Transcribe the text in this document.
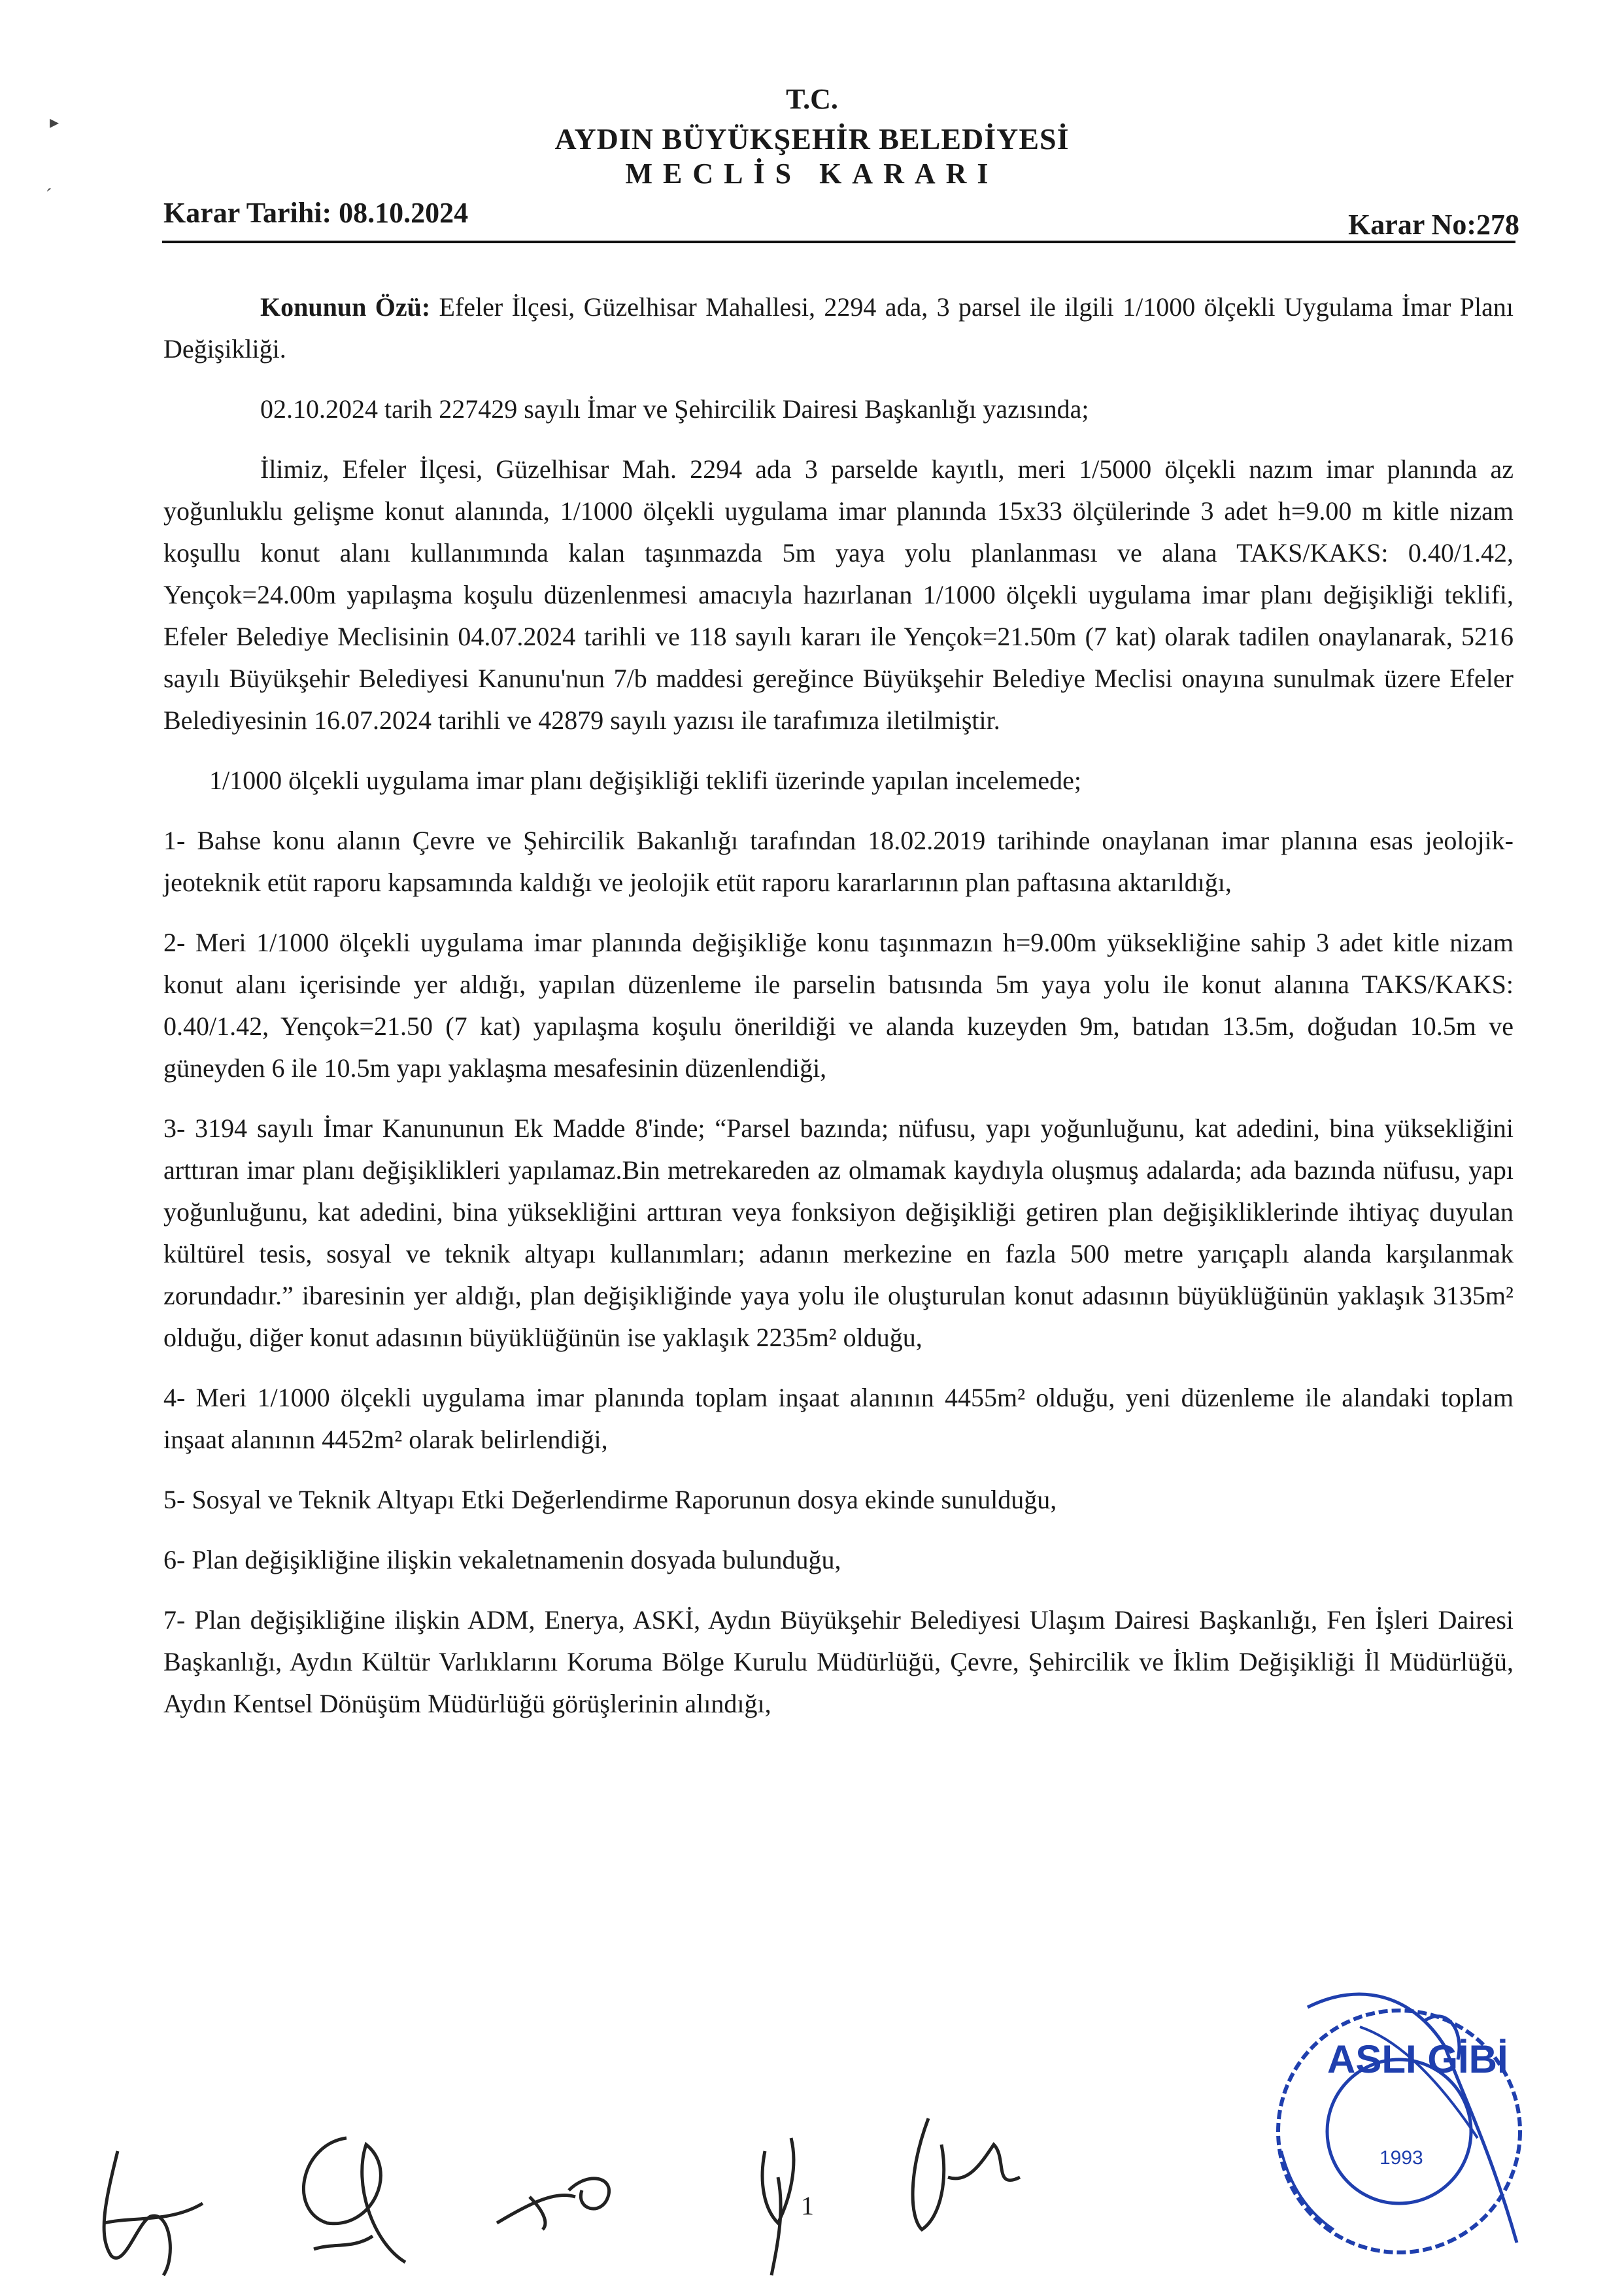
▸
ˊ
T.C.
AYDIN BÜYÜKŞEHİR BELEDİYESİ
MECLİS KARARI
Karar Tarihi: 08.10.2024	Karar No:278

Konunun Özü: Efeler İlçesi, Güzelhisar Mahallesi, 2294 ada, 3 parsel ile ilgili 1/1000 ölçekli Uygulama İmar Planı Değişikliği.

02.10.2024 tarih 227429 sayılı İmar ve Şehircilik Dairesi Başkanlığı yazısında;

İlimiz, Efeler İlçesi, Güzelhisar Mah. 2294 ada 3 parselde kayıtlı, meri 1/5000 ölçekli nazım imar planında az yoğunluklu gelişme konut alanında, 1/1000 ölçekli uygulama imar planında 15x33 ölçülerinde 3 adet h=9.00 m kitle nizam koşullu konut alanı kullanımında kalan taşınmazda 5m yaya yolu planlanması ve alana TAKS/KAKS: 0.40/1.42, Yençok=24.00m yapılaşma koşulu düzenlenmesi amacıyla hazırlanan 1/1000 ölçekli uygulama imar planı değişikliği teklifi, Efeler Belediye Meclisinin 04.07.2024 tarihli ve 118 sayılı kararı ile Yençok=21.50m (7 kat) olarak tadilen onaylanarak, 5216 sayılı Büyükşehir Belediyesi Kanunu'nun 7/b maddesi gereğince Büyükşehir Belediye Meclisi onayına sunulmak üzere Efeler Belediyesinin 16.07.2024 tarihli ve 42879 sayılı yazısı ile tarafımıza iletilmiştir.

1/1000 ölçekli uygulama imar planı değişikliği teklifi üzerinde yapılan incelemede;

1- Bahse konu alanın Çevre ve Şehircilik Bakanlığı tarafından 18.02.2019 tarihinde onaylanan imar planına esas jeolojik-jeoteknik etüt raporu kapsamında kaldığı ve jeolojik etüt raporu kararlarının plan paftasına aktarıldığı,

2- Meri 1/1000 ölçekli uygulama imar planında değişikliğe konu taşınmazın h=9.00m yüksekliğine sahip 3 adet kitle nizam konut alanı içerisinde yer aldığı, yapılan düzenleme ile parselin batısında 5m yaya yolu ile konut alanına TAKS/KAKS: 0.40/1.42, Yençok=21.50 (7 kat) yapılaşma koşulu önerildiği ve alanda kuzeyden 9m, batıdan 13.5m, doğudan 10.5m ve güneyden 6 ile 10.5m yapı yaklaşma mesafesinin düzenlendiği,

3- 3194 sayılı İmar Kanununun Ek Madde 8'inde; “Parsel bazında; nüfusu, yapı yoğunluğunu, kat adedini, bina yüksekliğini arttıran imar planı değişiklikleri yapılamaz.Bin metrekareden az olmamak kaydıyla oluşmuş adalarda; ada bazında nüfusu, yapı yoğunluğunu, kat adedini, bina yüksekliğini arttıran veya fonksiyon değişikliği getiren plan değişikliklerinde ihtiyaç duyulan kültürel tesis, sosyal ve teknik altyapı kullanımları; adanın merkezine en fazla 500 metre yarıçaplı alanda karşılanmak zorundadır.” ibaresinin yer aldığı, plan değişikliğinde yaya yolu ile oluşturulan konut adasının büyüklüğünün yaklaşık 3135m² olduğu, diğer konut adasının büyüklüğünün ise yaklaşık 2235m² olduğu,

4- Meri 1/1000 ölçekli uygulama imar planında toplam inşaat alanının 4455m² olduğu, yeni düzenleme ile alandaki toplam inşaat alanının 4452m² olarak belirlendiği,

5- Sosyal ve Teknik Altyapı Etki Değerlendirme Raporunun dosya ekinde sunulduğu,

6- Plan değişikliğine ilişkin vekaletnamenin dosyada bulunduğu,

7- Plan değişikliğine ilişkin ADM, Enerya, ASKİ, Aydın Büyükşehir Belediyesi Ulaşım Dairesi Başkanlığı, Fen İşleri Dairesi Başkanlığı, Aydın Kültür Varlıklarını Koruma Bölge Kurulu Müdürlüğü, Çevre, Şehircilik ve İklim Değişikliği İl Müdürlüğü, Aydın Kentsel Dönüşüm Müdürlüğü görüşlerinin alındığı,

1
ASLI GİBİ
1993
